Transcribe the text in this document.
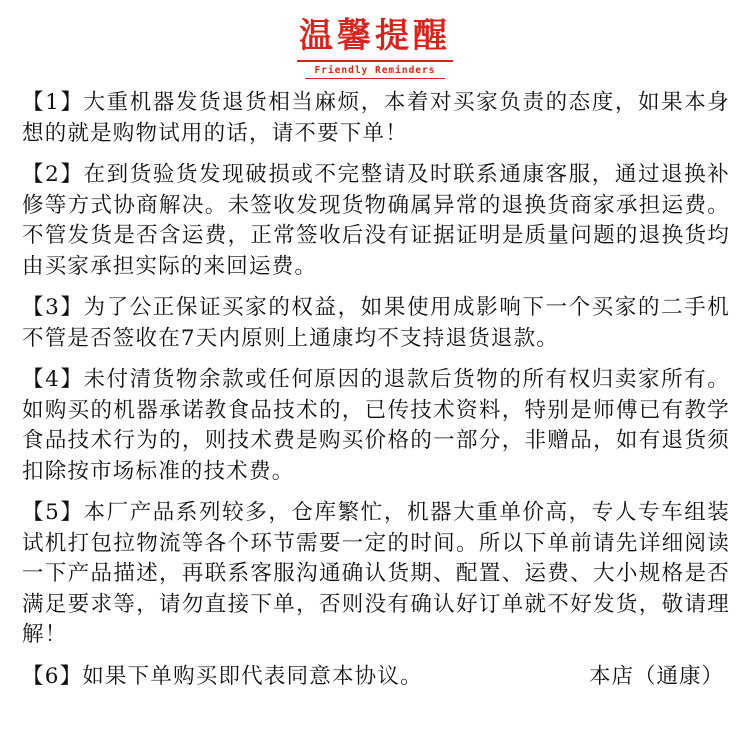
温馨提醒
Friendly Reminders

【1】大重机器发货退货相当麻烦，本着对买家负责的态度，如果本身想的就是购物试用的话，请不要下单！

【2】在到货验货发现破损或不完整请及时联系通康客服，通过退换补修等方式协商解决。未签收发现货物确属异常的退换货商家承担运费。不管发货是否含运费，正常签收后没有证据证明是质量问题的退换货均由买家承担实际的来回运费。

【3】为了公正保证买家的权益，如果使用成影响下一个买家的二手机不管是否签收在7天内原则上通康均不支持退货退款。

【4】未付清货物余款或任何原因的退款后货物的所有权归卖家所有。如购买的机器承诺教食品技术的，已传技术资料，特别是师傅已有教学食品技术行为的，则技术费是购买价格的一部分，非赠品，如有退货须扣除按市场标准的技术费。

【5】本厂产品系列较多，仓库繁忙，机器大重单价高，专人专车组装试机打包拉物流等各个环节需要一定的时间。所以下单前请先详细阅读一下产品描述，再联系客服沟通确认货期、配置、运费、大小规格是否满足要求等，请勿直接下单，否则没有确认好订单就不好发货，敬请理解！

【6】如果下单购买即代表同意本协议。	本店（通康）
